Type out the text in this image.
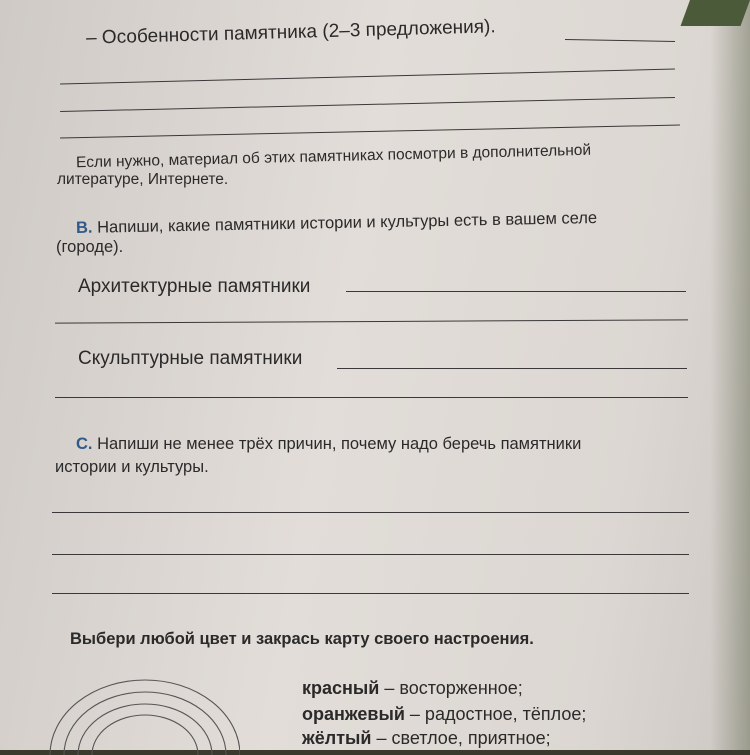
– Особенности памятника (2–3 предложения).
Если нужно, материал об этих памятниках посмотри в дополнительной
литературе, Интернете.
В. Напиши, какие памятники истории и культуры есть в вашем селе
(городе).
Архитектурные памятники
Скульптурные памятники
С. Напиши не менее трёх причин, почему надо беречь памятники
истории и культуры.
Выбери любой цвет и закрась карту своего настроения.
красный – восторженное;
оранжевый – радостное, тёплое;
жёлтый – светлое, приятное;
